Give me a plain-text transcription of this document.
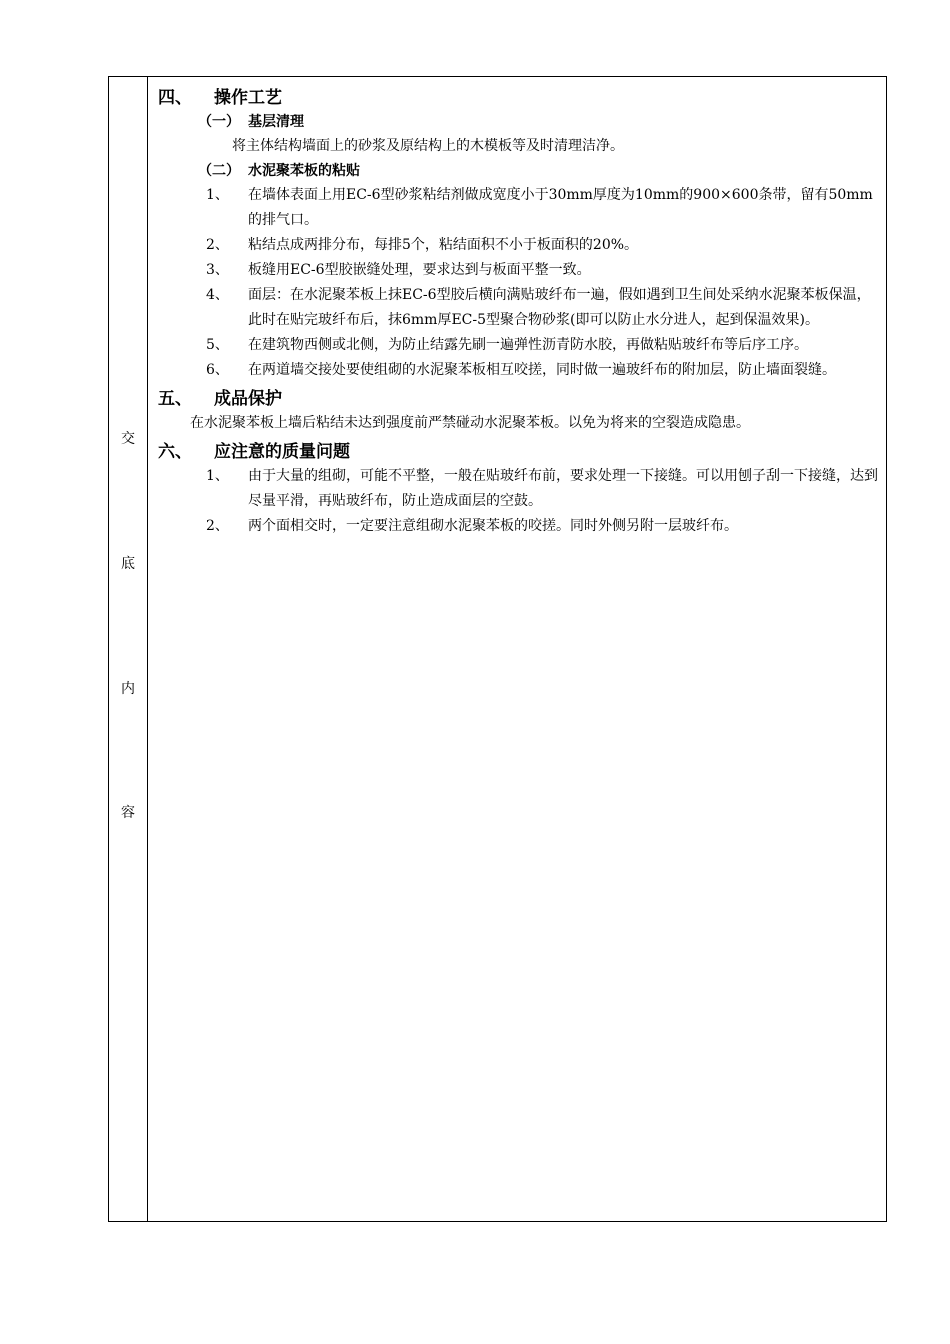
交
底
内
容
四、	操作工艺
（一） 基层清理

将主体结构墙面上的砂浆及原结构上的木模板等及时清理洁净。

（二） 水泥聚苯板的粘贴
1、	在墙体表面上用EC-6型砂浆粘结剂做成宽度小于30mm厚度为10mm的900×600条带，留有50mm的排气口。
2、	粘结点成两排分布，每排5个，粘结面积不小于板面积的20%。
3、	板缝用EC-6型胶嵌缝处理，要求达到与板面平整一致。
4、	面层：在水泥聚苯板上抹EC-6型胶后横向满贴玻纤布一遍，假如遇到卫生间处采纳水泥聚苯板保温，此时在贴完玻纤布后，抹6mm厚EC-5型聚合物砂浆(即可以防止水分进人，起到保温效果)。
5、	在建筑物西侧或北侧，为防止结露先刷一遍弹性沥青防水胶，再做粘贴玻纤布等后序工序。
6、	在两道墙交接处要使组砌的水泥聚苯板相互咬搓，同时做一遍玻纤布的附加层，防止墙面裂缝。
五、	成品保护

在水泥聚苯板上墙后粘结未达到强度前严禁碰动水泥聚苯板。以免为将来的空裂造成隐患。

六、	应注意的质量问题
1、	由于大量的组砌，可能不平整，一般在贴玻纤布前，要求处理一下接缝。可以用刨子刮一下接缝，达到尽量平滑，再贴玻纤布，防止造成面层的空鼓。
2、	两个面相交时，一定要注意组砌水泥聚苯板的咬搓。同时外侧另附一层玻纤布。
